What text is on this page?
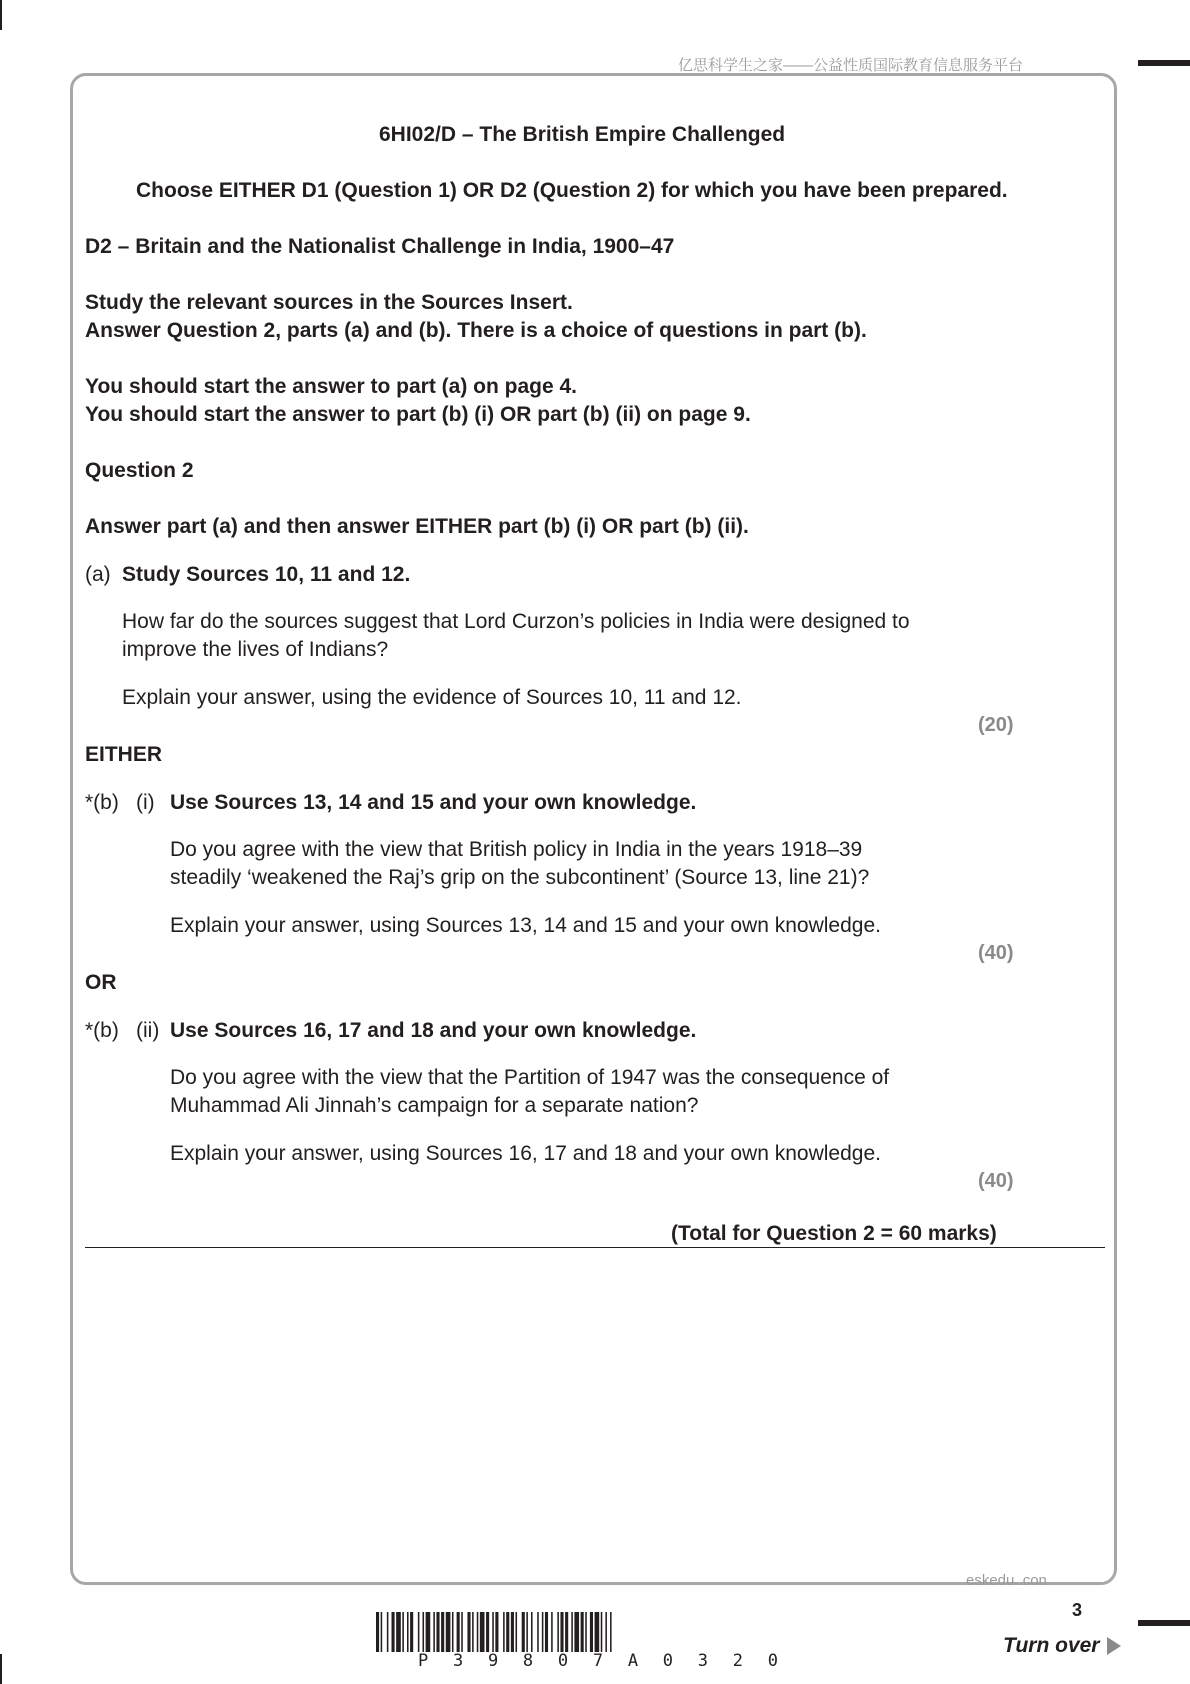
亿思科学生之家——公益性质国际教育信息服务平台
6HI02/D – The British Empire Challenged
Choose EITHER D1 (Question 1) OR D2 (Question 2) for which you have been prepared.
D2 – Britain and the Nationalist Challenge in India, 1900–47
Study the relevant sources in the Sources Insert.
Answer Question 2, parts (a) and (b). There is a choice of questions in part (b).
You should start the answer to part (a) on page 4.
You should start the answer to part (b) (i) OR part (b) (ii) on page 9.
Question 2
Answer part (a) and then answer EITHER part (b) (i) OR part (b) (ii).
(a) Study Sources 10, 11 and 12.
How far do the sources suggest that Lord Curzon’s policies in India were designed to
improve the lives of Indians?
Explain your answer, using the evidence of Sources 10, 11 and 12.
(20)
EITHER
*(b) (i) Use Sources 13, 14 and 15 and your own knowledge.
Do you agree with the view that British policy in India in the years 1918–39
steadily ‘weakened the Raj’s grip on the subcontinent’ (Source 13, line 21)?
Explain your answer, using Sources 13, 14 and 15 and your own knowledge.
(40)
OR
*(b) (ii) Use Sources 16, 17 and 18 and your own knowledge.
Do you agree with the view that the Partition of 1947 was the consequence of
Muhammad Ali Jinnah’s campaign for a separate nation?
Explain your answer, using Sources 16, 17 and 18 and your own knowledge.
(40)
(Total for Question 2 = 60 marks)
eskedu. con
3
P 3 9 8 0 7 A 0 3 2 0
Turn over
